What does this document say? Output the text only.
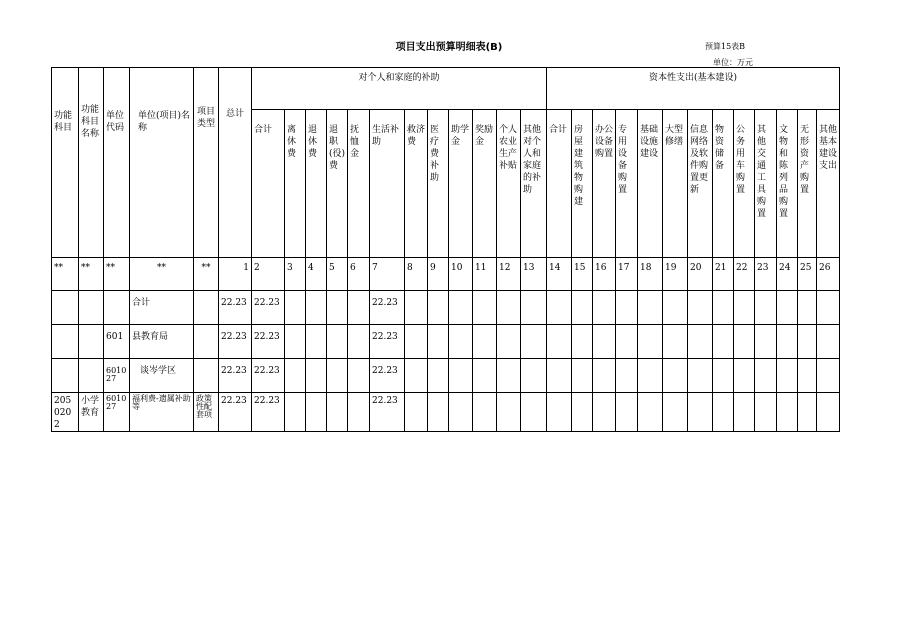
项目支出预算明细表(B)	预算15表B
单位：万元
功能科目	功能科目名称	单位代码	单位(项目)名称	项目类型	总计	对个人和家庭的补助												资本性支出(基本建设)												
						合计	离休费	退休费	退职(役)费	抚恤金	生活补助	救济费	医疗费补助	助学金	奖励金	个人农业生产补贴	其他对个人和家庭的补助	合计	房屋建筑物购建	办公设备购置	专用设备购置	基础设施建设	大型修缮	信息网络及软件购置更新	物资储备	公务用车购置	其他交通工具购置	文物和陈列品购置	无形资产购置	其他基本建设支出
**	**	**	**	**	1	2	3	4	5	6	7	8	9	10	11	12	13	14	15	16	17	18	19	20	21	22	23	24	25	26
			合计		22.23	22.23					22.23																			
		601	县教育局		22.23	22.23					22.23																			
		601027	谈岑学区		22.23	22.23					22.23																			
2050202	小学教育	601027	福利费-遗属补助等	政策性配套项	22.23	22.23					22.23																			
